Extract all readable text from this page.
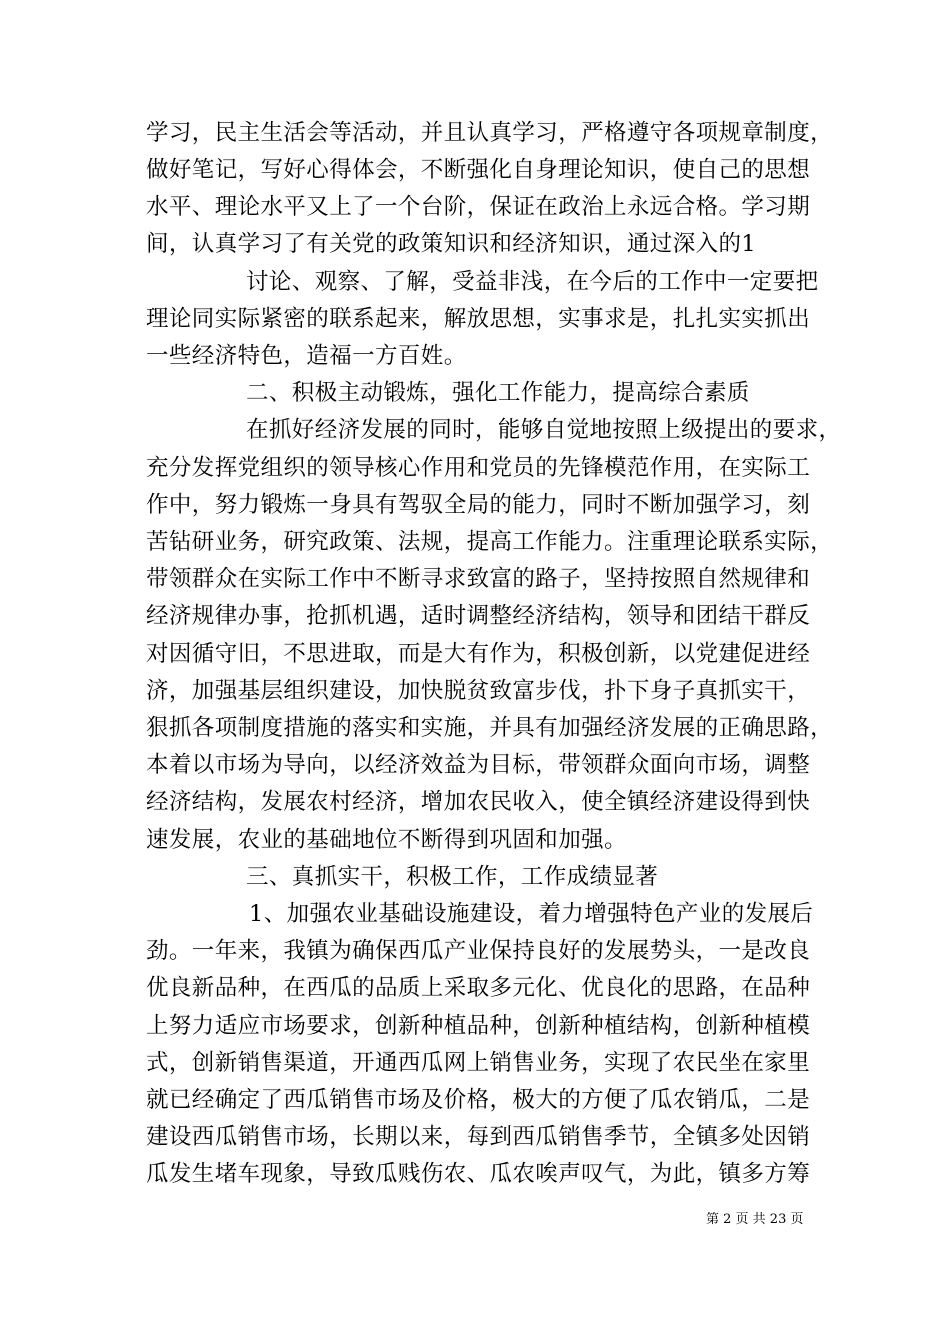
学习，民主生活会等活动，并且认真学习，严格遵守各项规章制度，
做好笔记，写好心得体会，不断强化自身理论知识，使自己的思想
水平、理论水平又上了一个台阶，保证在政治上永远合格。学习期
间，认真学习了有关党的政策知识和经济知识，通过深入的1
讨论、观察、了解，受益非浅，在今后的工作中一定要把
理论同实际紧密的联系起来，解放思想，实事求是，扎扎实实抓出
一些经济特色，造福一方百姓。
二、积极主动锻炼，强化工作能力，提高综合素质
在抓好经济发展的同时，能够自觉地按照上级提出的要求，
充分发挥党组织的领导核心作用和党员的先锋模范作用，在实际工
作中，努力锻炼一身具有驾驭全局的能力，同时不断加强学习，刻
苦钻研业务，研究政策、法规，提高工作能力。注重理论联系实际，
带领群众在实际工作中不断寻求致富的路子，坚持按照自然规律和
经济规律办事，抢抓机遇，适时调整经济结构，领导和团结干群反
对因循守旧，不思进取，而是大有作为，积极创新，以党建促进经
济，加强基层组织建设，加快脱贫致富步伐，扑下身子真抓实干，
狠抓各项制度措施的落实和实施，并具有加强经济发展的正确思路，
本着以市场为导向，以经济效益为目标，带领群众面向市场，调整
经济结构，发展农村经济，增加农民收入，使全镇经济建设得到快
速发展，农业的基础地位不断得到巩固和加强。
三、真抓实干，积极工作，工作成绩显著
1、加强农业基础设施建设，着力增强特色产业的发展后
劲。一年来，我镇为确保西瓜产业保持良好的发展势头，一是改良
优良新品种，在西瓜的品质上采取多元化、优良化的思路，在品种
上努力适应市场要求，创新种植品种，创新种植结构，创新种植模
式，创新销售渠道，开通西瓜网上销售业务，实现了农民坐在家里
就已经确定了西瓜销售市场及价格，极大的方便了瓜农销瓜，二是
建设西瓜销售市场，长期以来，每到西瓜销售季节，全镇多处因销
瓜发生堵车现象，导致瓜贱伤农、瓜农唉声叹气，为此，镇多方筹
第 2 页 共 23 页
